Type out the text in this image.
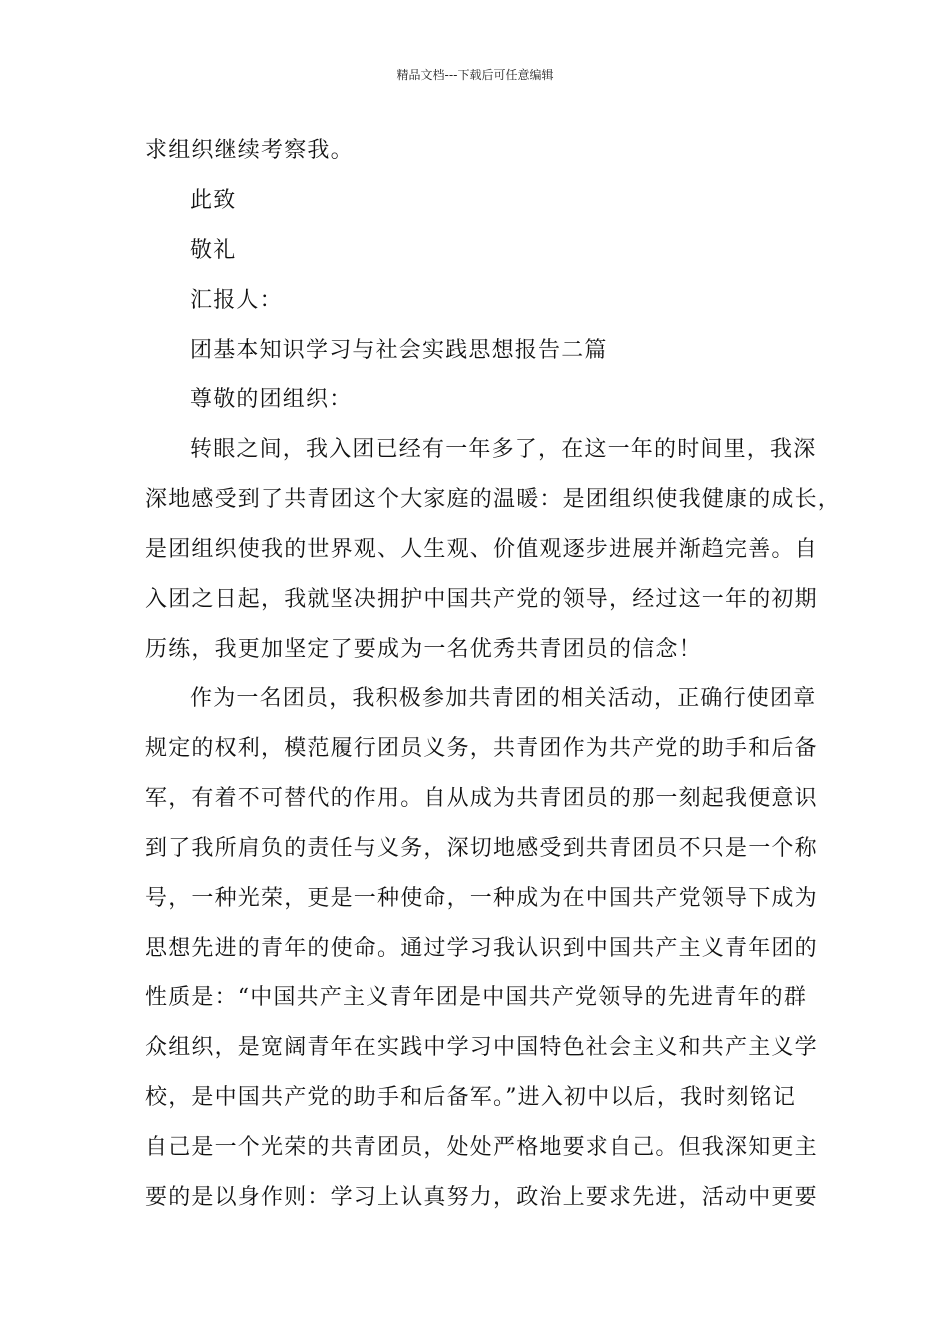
精品文档---下载后可任意编辑
求组织继续考察我。
此致
敬礼
汇报人：
团基本知识学习与社会实践思想报告二篇
尊敬的团组织：
转眼之间，我入团已经有一年多了，在这一年的时间里，我深
深地感受到了共青团这个大家庭的温暖：是团组织使我健康的成长，
是团组织使我的世界观、人生观、价值观逐步进展并渐趋完善。自
入团之日起，我就坚决拥护中国共产党的领导，经过这一年的初期
历练，我更加坚定了要成为一名优秀共青团员的信念！
作为一名团员，我积极参加共青团的相关活动，正确行使团章
规定的权利，模范履行团员义务，共青团作为共产党的助手和后备
军，有着不可替代的作用。自从成为共青团员的那一刻起我便意识
到了我所肩负的责任与义务，深切地感受到共青团员不只是一个称
号，一种光荣，更是一种使命，一种成为在中国共产党领导下成为
思想先进的青年的使命。通过学习我认识到中国共产主义青年团的
性质是：“中国共产主义青年团是中国共产党领导的先进青年的群
众组织，是宽阔青年在实践中学习中国特色社会主义和共产主义学
校，是中国共产党的助手和后备军。”进入初中以后，我时刻铭记
自己是一个光荣的共青团员，处处严格地要求自己。但我深知更主
要的是以身作则：学习上认真努力，政治上要求先进，活动中更要
